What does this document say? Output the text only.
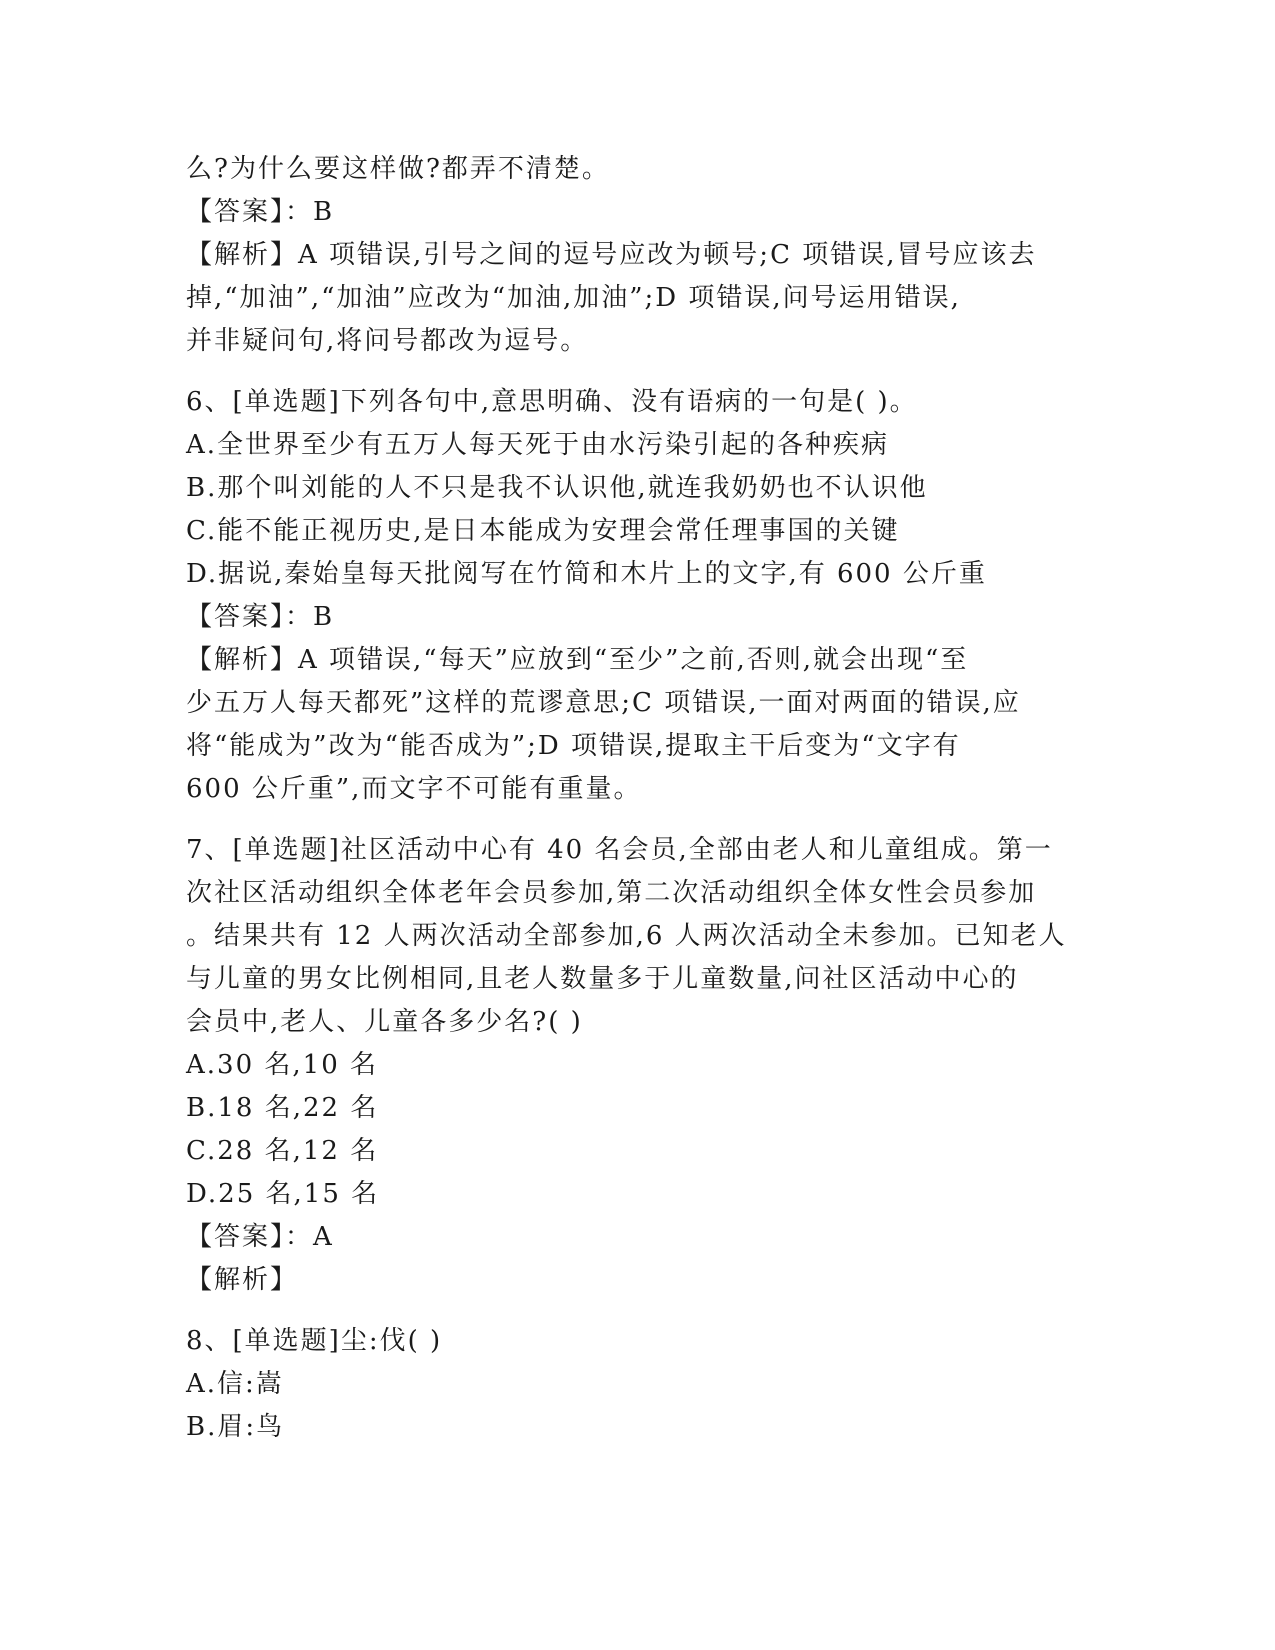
么?为什么要这样做?都弄不清楚。
【答案】：B
【解析】A 项错误,引号之间的逗号应改为顿号;C 项错误,冒号应该去
掉,“加油”,“加油”应改为“加油,加油”;D 项错误,问号运用错误,
并非疑问句,将问号都改为逗号。
6、[单选题]下列各句中,意思明确、没有语病的一句是( )。
A.全世界至少有五万人每天死于由水污染引起的各种疾病
B.那个叫刘能的人不只是我不认识他,就连我奶奶也不认识他
C.能不能正视历史,是日本能成为安理会常任理事国的关键
D.据说,秦始皇每天批阅写在竹简和木片上的文字,有 600 公斤重
【答案】：B
【解析】A 项错误,“每天”应放到“至少”之前,否则,就会出现“至
少五万人每天都死”这样的荒谬意思;C 项错误,一面对两面的错误,应
将“能成为”改为“能否成为”;D 项错误,提取主干后变为“文字有
600 公斤重”,而文字不可能有重量。
7、[单选题]社区活动中心有 40 名会员,全部由老人和儿童组成。第一
次社区活动组织全体老年会员参加,第二次活动组织全体女性会员参加
。结果共有 12 人两次活动全部参加,6 人两次活动全未参加。已知老人
与儿童的男女比例相同,且老人数量多于儿童数量,问社区活动中心的
会员中,老人、儿童各多少名?( )
A.30 名,10 名
B.18 名,22 名
C.28 名,12 名
D.25 名,15 名
【答案】：A
【解析】
8、[单选题]尘:伐( )
A.信:嵩
B.眉:鸟
